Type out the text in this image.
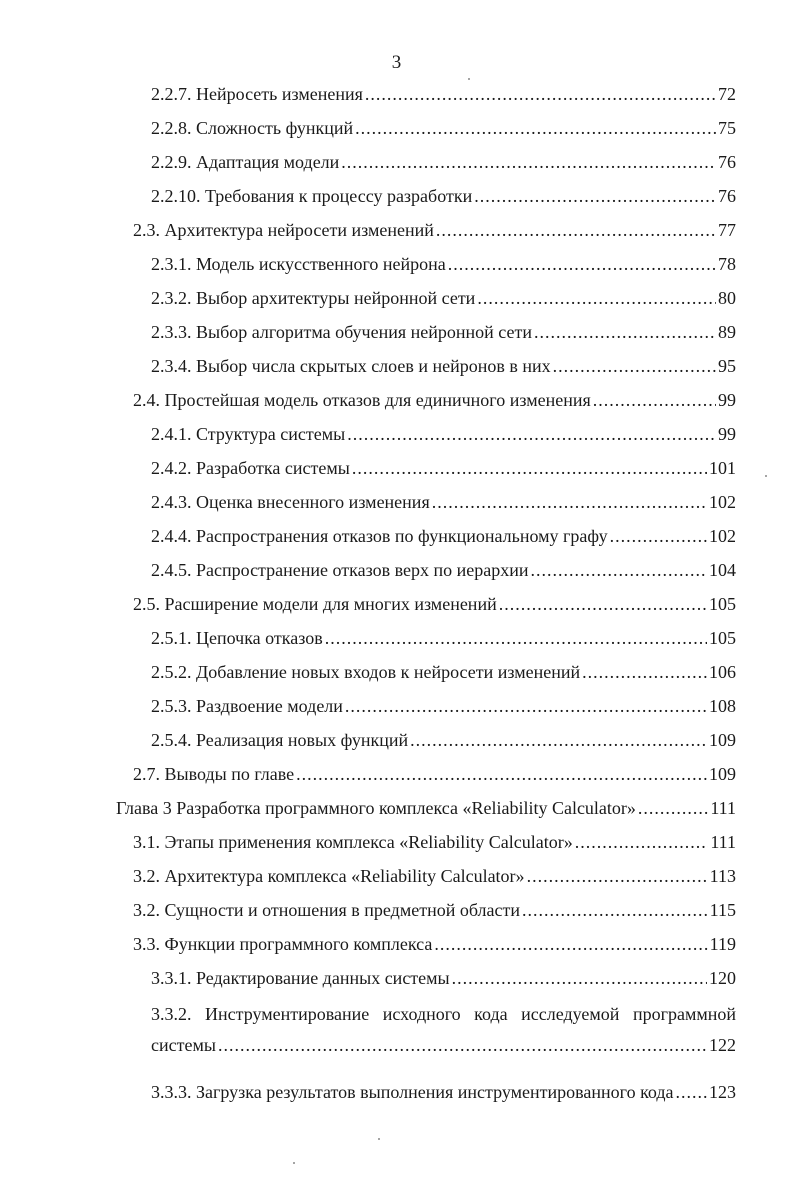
3
2.2.7. Нейросеть изменения .....	72
2.2.8. Сложность функций .....	75
2.2.9. Адаптация модели .....	76
2.2.10. Требования к процессу разработки .....	76
2.3. Архитектура нейросети изменений .....	77
2.3.1. Модель искусственного нейрона .....	78
2.3.2. Выбор архитектуры нейронной сети .....	80
2.3.3. Выбор алгоритма обучения нейронной сети .....	89
2.3.4. Выбор числа скрытых слоев и нейронов в них .....	95
2.4. Простейшая модель отказов для единичного изменения .....	99
2.4.1. Структура системы .....	99
2.4.2. Разработка системы .....	101
2.4.3. Оценка внесенного изменения .....	102
2.4.4. Распространения отказов по функциональному графу .....	102
2.4.5. Распространение отказов верх по иерархии .....	104
2.5. Расширение модели для многих изменений .....	105
2.5.1. Цепочка отказов .....	105
2.5.2. Добавление новых входов к нейросети изменений .....	106
2.5.3. Раздвоение модели .....	108
2.5.4. Реализация новых функций .....	109
2.7. Выводы по главе .....	109
Глава 3 Разработка программного комплекса «Reliability Calculator» .....	111
3.1. Этапы применения комплекса «Reliability Calculator» .....	111
3.2. Архитектура комплекса «Reliability Calculator» .....	113
3.2. Сущности и отношения в предметной области .....	115
3.3. Функции программного комплекса .....	119
3.3.1. Редактирование данных системы .....	120
3.3.2. Инструментирование исходного кода исследуемой программной
системы .....	122
3.3.3. Загрузка результатов выполнения инструментированного кода ..... 123
